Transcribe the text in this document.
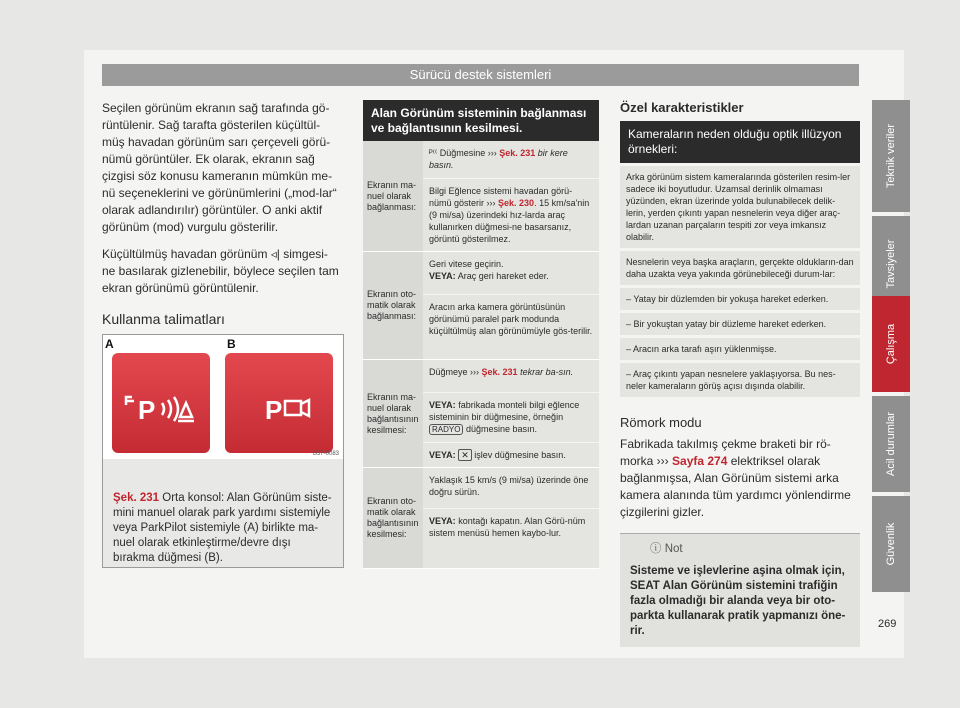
Sürücü destek sistemleri

Seçilen görünüm ekranın sağ tarafında gö-rüntülenir. Sağ tarafta gösterilen küçültül-müş havadan görünüm sarı çerçeveli görü-nümü görüntüler. Ek olarak, ekranın sağ çizgisi söz konusu kameranın mümkün me-nü seçeneklerini ve görünümlerini („mod-lar“ olarak adlandırılır) görüntüler. O anki aktif görünüm (mod) vurgulu gösterilir.

Küçültülmüş havadan görünüm ◃| simgesi-ne basılarak gizlenebilir, böylece seçilen tam ekran görünümü görüntülenir.

Kullanma talimatları
A	B
P	P
B57-0083
Şek. 231 Orta konsol: Alan Görünüm siste-mini manuel olarak park yardımı sistemiyle veya ParkPilot sistemiyle (A) birlikte ma-nuel olarak etkinleştirme/devre dışı bırakma düğmesi (B).
Alan Görünüm sisteminin bağlanması ve bağlantısının kesilmesi.
Ekranın ma-nuel olarak bağlanması:
ᴾ⁽⁽ Düğmesine ››› Şek. 231 bir kere basın.
Bilgi Eğlence sistemi havadan görü-nümü gösterir ››› Şek. 230. 15 km/sa'nin (9 mi/sa) üzerindeki hız-larda araç kullanırken düğmesi-ne basarsanız, görüntü gösterilmez.
Ekranın oto-matik olarak bağlanması:
Geri vitese geçirin.
VEYA: Araç geri hareket eder.
Aracın arka kamera görüntüsünün görünümü paralel park modunda küçültülmüş alan görünümüyle gös-terilir.
Ekranın ma-nuel olarak bağlantısının kesilmesi:
Düğmeye ››› Şek. 231 tekrar ba-sın.
VEYA: fabrikada monteli bilgi eğlence sisteminin bir düğmesine, örneğin RADYO düğmesine basın.
VEYA: ✕ işlev düğmesine basın.
Ekranın oto-matik olarak bağlantısının kesilmesi:
Yaklaşık 15 km/s (9 mi/sa) üzerinde öne doğru sürün.
VEYA: kontağı kapatın. Alan Görü-nüm sistem menüsü hemen kaybo-lur.
Özel karakteristikler
Kameraların neden olduğu optik illüzyon örnekleri:
Arka görünüm sistem kameralarında gösterilen resim-ler sadece iki boyutludur. Uzamsal derinlik olmaması yüzünden, ekran üzerinde yolda bulunabilecek delik-lerin, yerden çıkıntı yapan nesnelerin veya diğer araç-lardan uzanan parçaların tespiti zor veya imkansız olabilir.
Nesnelerin veya başka araçların, gerçekte oldukların-dan daha uzakta veya yakında görünebileceği durum-lar:
– Yatay bir düzlemden bir yokuşa hareket ederken.
– Bir yokuştan yatay bir düzleme hareket ederken.
– Aracın arka tarafı aşırı yüklenmişse.
– Araç çıkıntı yapan nesnelere yaklaşıyorsa. Bu nes-neler kameraların görüş açısı dışında olabilir.
Römork modu
Fabrikada takılmış çekme braketi bir rö-morka ››› Sayfa 274 elektriksel olarak bağlanmışsa, Alan Görünüm sistemi arka kamera alanında tüm yardımcı yönlendirme çizgilerini gizler.
ⓘ Not
Sisteme ve işlevlerine aşina olmak için, SEAT Alan Görünüm sistemini trafiğin fazla olmadığı bir alanda veya bir oto-parkta kullanarak pratik yapmanızı öne-rir.
Teknik veriler
Tavsiyeler
Çalışma
Acil durumlar
Güvenlik
269
